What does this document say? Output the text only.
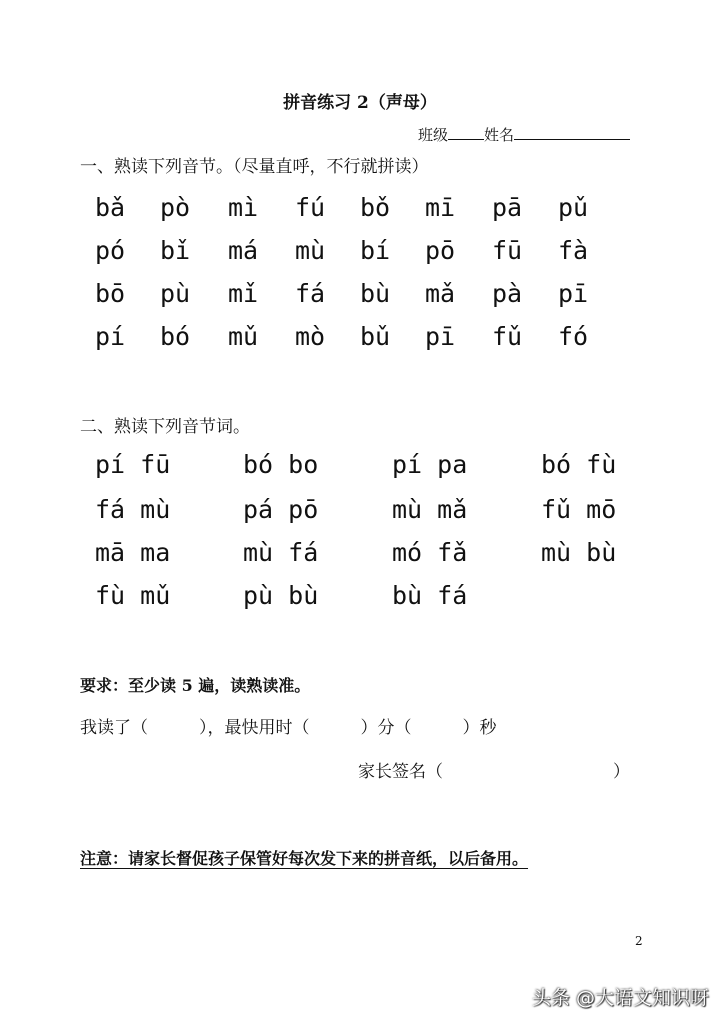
拼音练习 2（声母）
班级 姓名
一、熟读下列音节。（尽量直呼，不行就拼读）
bǎ pò mì fú bǒ mī pā pǔ
pó bǐ má mù bí pō fū fà
bō pù mǐ fá bù mǎ pà pī
pí bó mǔ mò bǔ pī fǔ fó
二、熟读下列音节词。
pí fū	bó bo	pí pa	bó fù
fá mù	pá pō	mù mǎ	fǔ mō
mā ma	mù fá	mó fǎ	mù bù
fù mǔ	pù bù	bù fá
要求：至少读 5 遍，读熟读准。
我读了（　　　），最快用时（　　　）分（　　　）秒
家长签名（　　　　　　　　　　）
注意：请家长督促孩子保管好每次发下来的拼音纸，以后备用。
2
头条 @大语文知识呀
